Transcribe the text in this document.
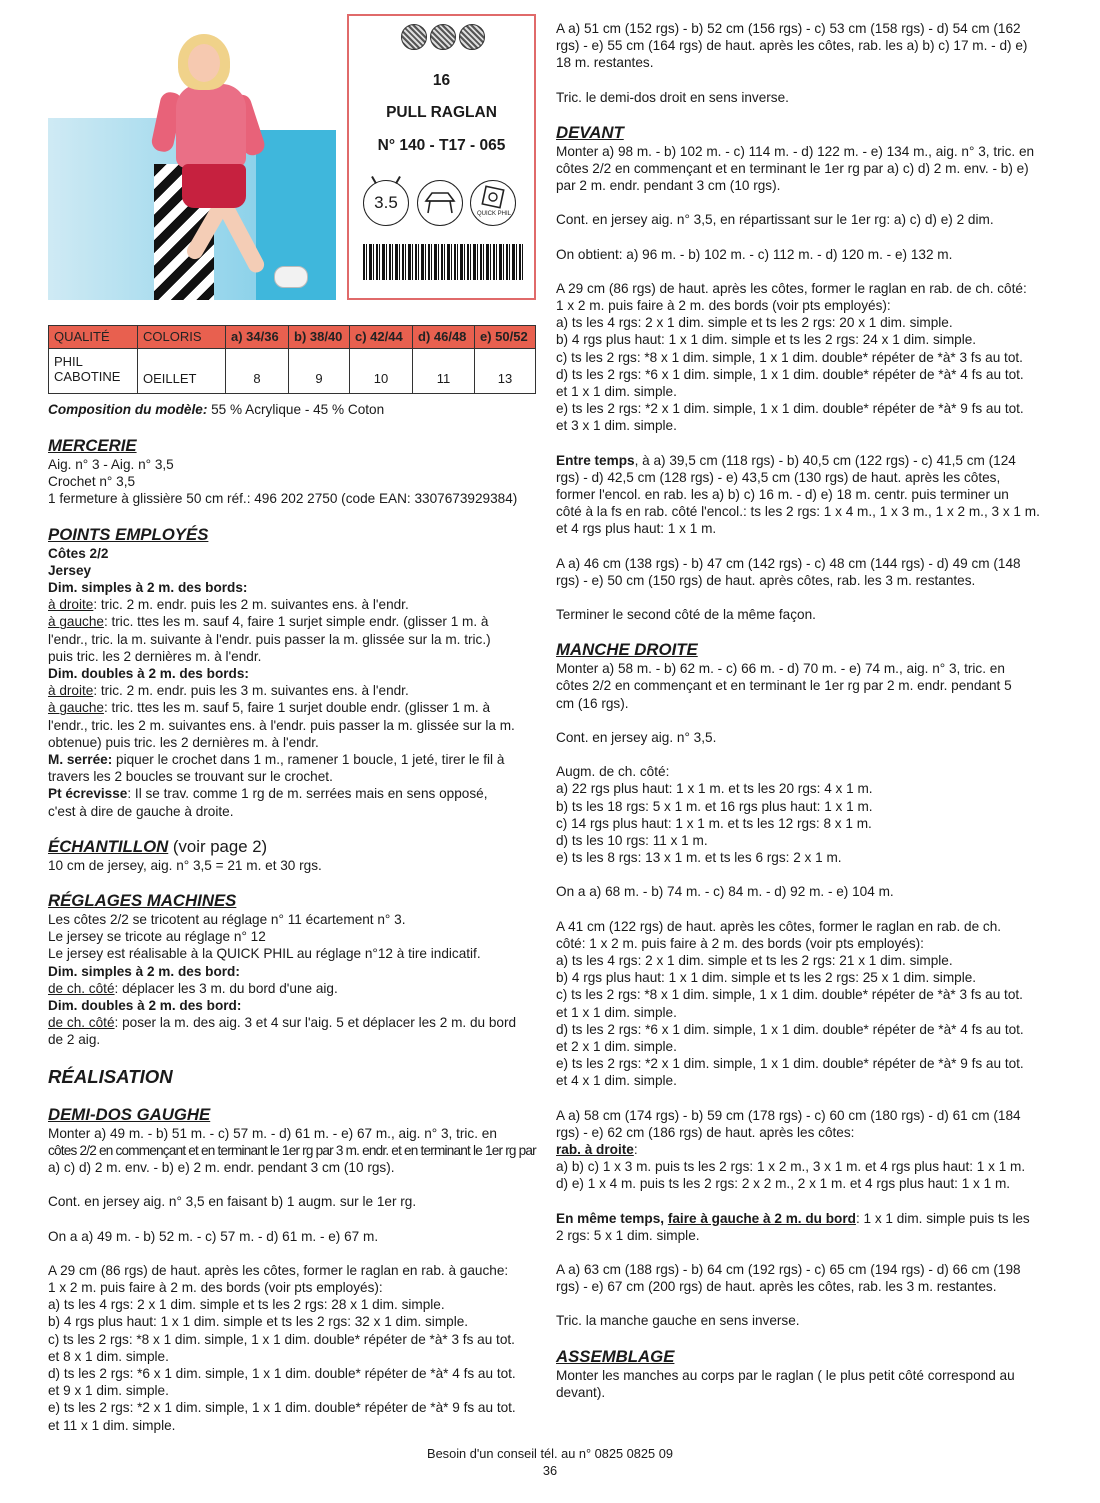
16
PULL RAGLAN
N° 140 - T17 - 065
3.5
QUICK PHIL
QUALITÉ	COLORIS	a) 34/36	b) 38/40	c) 42/44	d) 46/48	e) 50/52

PHIL CABOTINE	OEILLET	8	9	10	11	13
Composition du modèle: 55 % Acrylique - 45 % Coton

MERCERIE

Aig. n° 3 - Aig. n° 3,5

Crochet n° 3,5

1 fermeture à glissière 50 cm réf.: 496 202 2750 (code EAN: 3307673929384)

POINTS EMPLOYÉS

Côtes 2/2

Jersey

Dim. simples à 2 m. des bords:

à droite: tric. 2 m. endr. puis les 2 m. suivantes ens. à l'endr.

à gauche: tric. ttes les m. sauf 4, faire 1 surjet simple endr. (glisser 1 m. à

l'endr., tric. la m. suivante à l'endr. puis passer la m. glissée sur la m. tric.)

puis tric. les 2 dernières m. à l'endr.

Dim. doubles à 2 m. des bords:

à droite: tric. 2 m. endr. puis les 3 m. suivantes ens. à l'endr.

à gauche: tric. ttes les m. sauf 5, faire 1 surjet double endr. (glisser 1 m. à

l'endr., tric. les 2 m. suivantes ens. à l'endr. puis passer la m. glissée sur la m.

obtenue) puis tric. les 2 dernières m. à l'endr.

M. serrée: piquer le crochet dans 1 m., ramener 1 boucle, 1 jeté, tirer le fil à

travers les 2 boucles se trouvant sur le crochet.

Pt écrevisse: Il se trav. comme 1 rg de m. serrées mais en sens opposé,

c'est à dire de gauche à droite.

ÉCHANTILLON (voir page 2)

10 cm de jersey, aig. n° 3,5 = 21 m. et 30 rgs.

RÉGLAGES MACHINES

Les côtes 2/2 se tricotent au réglage n° 11 écartement n° 3.

Le jersey se tricote au réglage n° 12

Le jersey est réalisable à la QUICK PHIL au réglage n°12 à tire indicatif.

Dim. simples à 2 m. des bord:

de ch. côté: déplacer les 3 m. du bord d'une aig.

Dim. doubles à 2 m. des bord:

de ch. côté: poser la m. des aig. 3 et 4 sur l'aig. 5 et déplacer les 2 m. du bord

de 2 aig.

RÉALISATION

DEMI-DOS GAUGHE

Monter a) 49 m. - b) 51 m. - c) 57 m. - d) 61 m. - e) 67 m., aig. n° 3, tric. en

côtes 2/2 en commençant et en terminant le 1er rg par 3 m. endr. et en terminant le 1er rg par

a) c) d) 2 m. env. - b) e) 2 m. endr. pendant 3 cm (10 rgs).

Cont. en jersey aig. n° 3,5 en faisant b) 1 augm. sur le 1er rg.

On a a) 49 m. - b) 52 m. - c) 57 m. - d) 61 m. - e) 67 m.

A 29 cm (86 rgs) de haut. après les côtes, former le raglan en rab. à gauche:

1 x 2 m. puis faire à 2 m. des bords (voir pts employés):

a) ts les 4 rgs: 2 x 1 dim. simple et ts les 2 rgs: 28 x 1 dim. simple.

b) 4 rgs plus haut: 1 x 1 dim. simple et ts les 2 rgs: 32 x 1 dim. simple.

c) ts les 2 rgs: *8 x 1 dim. simple, 1 x 1 dim. double* répéter de *à* 3 fs au tot.

et 8 x 1 dim. simple.

d) ts les 2 rgs: *6 x 1 dim. simple, 1 x 1 dim. double* répéter de *à* 4 fs au tot.

et 9 x 1 dim. simple.

e) ts les 2 rgs: *2 x 1 dim. simple, 1 x 1 dim. double* répéter de *à* 9 fs au tot.

et 11 x 1 dim. simple.

A a) 51 cm (152 rgs) - b) 52 cm (156 rgs) - c) 53 cm (158 rgs) - d) 54 cm (162

rgs) - e) 55 cm (164 rgs) de haut. après les côtes, rab. les a) b) c) 17 m. - d) e)

18 m. restantes.

Tric. le demi-dos droit en sens inverse.

DEVANT

Monter a) 98 m. - b) 102 m. - c) 114 m. - d) 122 m. - e) 134 m., aig. n° 3, tric. en

côtes 2/2 en commençant et en terminant le 1er rg par a) c) d) 2 m. env. - b) e)

par 2 m. endr. pendant 3 cm (10 rgs).

Cont. en jersey aig. n° 3,5, en répartissant sur le 1er rg: a) c) d) e) 2 dim.

On obtient: a) 96 m. - b) 102 m. - c) 112 m. - d) 120 m. - e) 132 m.

A 29 cm (86 rgs) de haut. après les côtes, former le raglan en rab. de ch. côté:

1 x 2 m. puis faire à 2 m. des bords (voir pts employés):

a) ts les 4 rgs: 2 x 1 dim. simple et ts les 2 rgs: 20 x 1 dim. simple.

b) 4 rgs plus haut: 1 x 1 dim. simple et ts les 2 rgs: 24 x 1 dim. simple.

c) ts les 2 rgs: *8 x 1 dim. simple, 1 x 1 dim. double* répéter de *à* 3 fs au tot.

d) ts les 2 rgs: *6 x 1 dim. simple, 1 x 1 dim. double* répéter de *à* 4 fs au tot.

et 1 x 1 dim. simple.

e) ts les 2 rgs: *2 x 1 dim. simple, 1 x 1 dim. double* répéter de *à* 9 fs au tot.

et 3 x 1 dim. simple.

Entre temps, à a) 39,5 cm (118 rgs) - b) 40,5 cm (122 rgs) - c) 41,5 cm (124

rgs) - d) 42,5 cm (128 rgs) - e) 43,5 cm (130 rgs) de haut. après les côtes,

former l'encol. en rab. les a) b) c) 16 m. - d) e) 18 m. centr. puis terminer un

côté à la fs en rab. côté l'encol.: ts les 2 rgs: 1 x 4 m., 1 x 3 m., 1 x 2 m., 3 x 1 m.

et 4 rgs plus haut: 1 x 1 m.

A a) 46 cm (138 rgs) - b) 47 cm (142 rgs) - c) 48 cm (144 rgs) - d) 49 cm (148

rgs) - e) 50 cm (150 rgs) de haut. après côtes, rab. les 3 m. restantes.

Terminer le second côté de la même façon.

MANCHE DROITE

Monter a) 58 m. - b) 62 m. - c) 66 m. - d) 70 m. - e) 74 m., aig. n° 3, tric. en

côtes 2/2 en commençant et en terminant le 1er rg par 2 m. endr. pendant 5

cm (16 rgs).

Cont. en jersey aig. n° 3,5.

Augm. de ch. côté:

a) 22 rgs plus haut: 1 x 1 m. et ts les 20 rgs: 4 x 1 m.

b) ts les 18 rgs: 5 x 1 m. et 16 rgs plus haut: 1 x 1 m.

c) 14 rgs plus haut: 1 x 1 m. et ts les 12 rgs: 8 x 1 m.

d) ts les 10 rgs: 11 x 1 m.

e) ts les 8 rgs: 13 x 1 m. et ts les 6 rgs: 2 x 1 m.

On a a) 68 m. - b) 74 m. - c) 84 m. - d) 92 m. - e) 104 m.

A 41 cm (122 rgs) de haut. après les côtes, former le raglan en rab. de ch.

côté: 1 x 2 m. puis faire à 2 m. des bords (voir pts employés):

a) ts les 4 rgs: 2 x 1 dim. simple et ts les 2 rgs: 21 x 1 dim. simple.

b) 4 rgs plus haut: 1 x 1 dim. simple et ts les 2 rgs: 25 x 1 dim. simple.

c) ts les 2 rgs: *8 x 1 dim. simple, 1 x 1 dim. double* répéter de *à* 3 fs au tot.

et 1 x 1 dim. simple.

d) ts les 2 rgs: *6 x 1 dim. simple, 1 x 1 dim. double* répéter de *à* 4 fs au tot.

et 2 x 1 dim. simple.

e) ts les 2 rgs: *2 x 1 dim. simple, 1 x 1 dim. double* répéter de *à* 9 fs au tot.

et 4 x 1 dim. simple.

A a) 58 cm (174 rgs) - b) 59 cm (178 rgs) - c) 60 cm (180 rgs) - d) 61 cm (184

rgs) - e) 62 cm (186 rgs) de haut. après les côtes:

rab. à droite:

a) b) c) 1 x 3 m. puis ts les 2 rgs: 1 x 2 m., 3 x 1 m. et 4 rgs plus haut: 1 x 1 m.

d) e) 1 x 4 m. puis ts les 2 rgs: 2 x 2 m., 2 x 1 m. et 4 rgs plus haut: 1 x 1 m.

En même temps, faire à gauche à 2 m. du bord: 1 x 1 dim. simple puis ts les

2 rgs: 5 x 1 dim. simple.

A a) 63 cm (188 rgs) - b) 64 cm (192 rgs) - c) 65 cm (194 rgs) - d) 66 cm (198

rgs) - e) 67 cm (200 rgs) de haut. après les côtes, rab. les 3 m. restantes.

Tric. la manche gauche en sens inverse.

ASSEMBLAGE

Monter les manches au corps par le raglan ( le plus petit côté correspond au

devant).

Besoin d'un conseil tél. au n° 0825 0825 09
36
